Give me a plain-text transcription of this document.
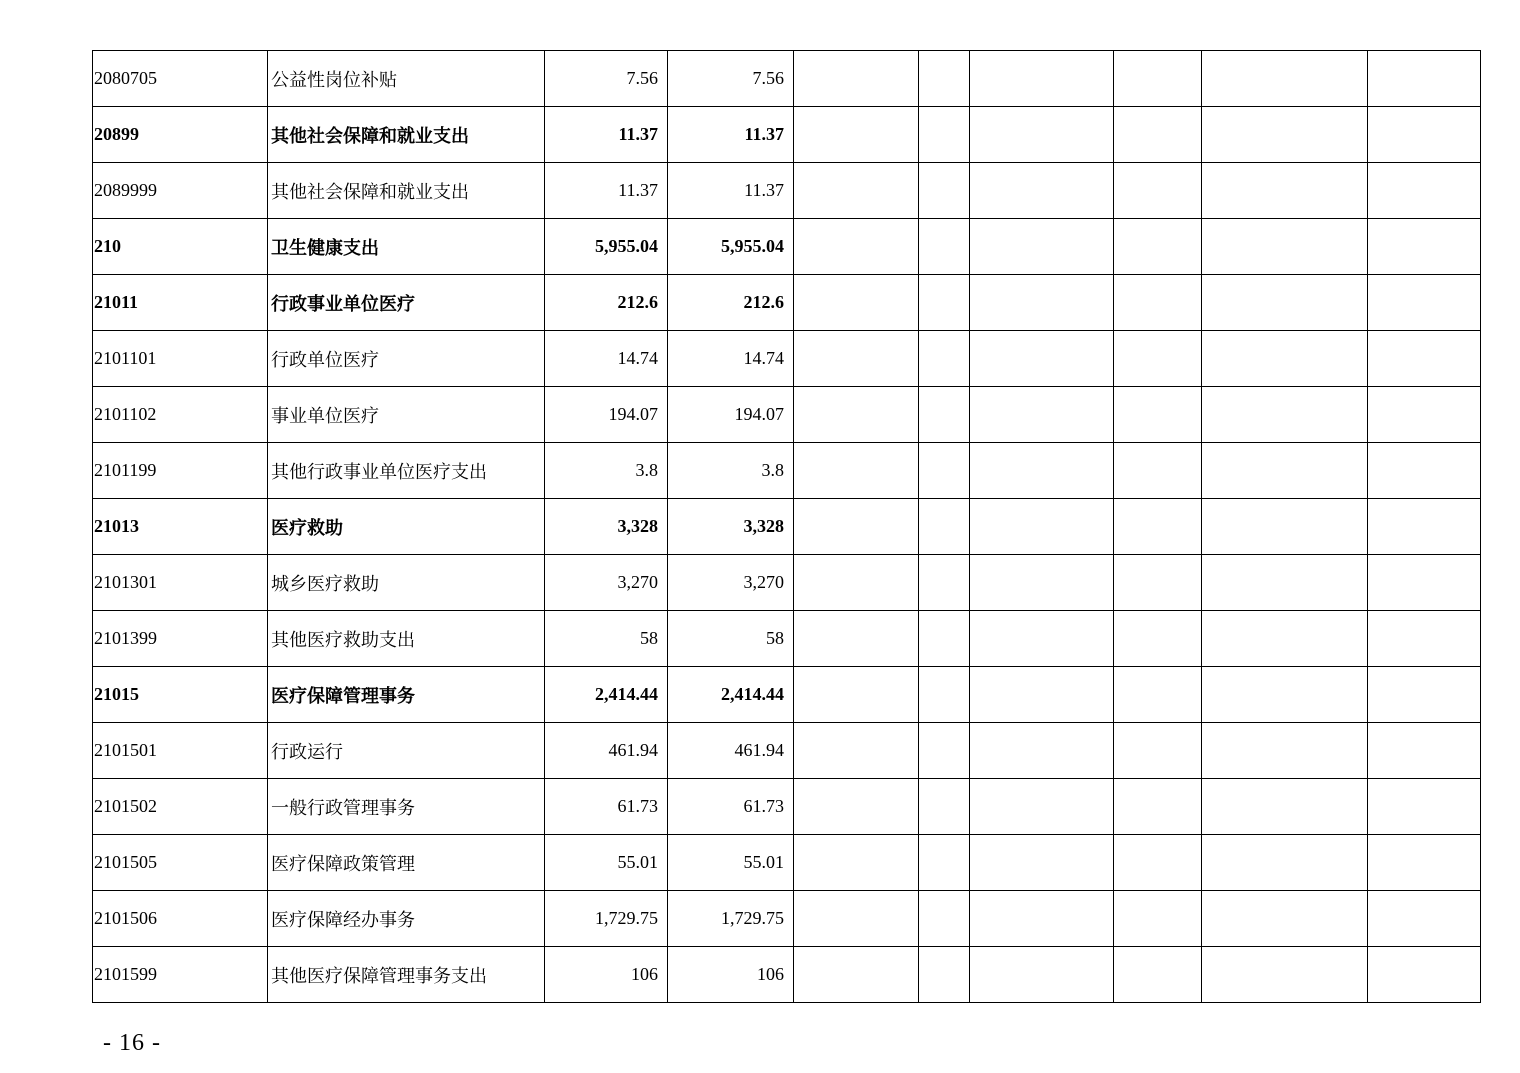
2080705	公益性岗位补贴	7.56	7.56						
20899	其他社会保障和就业支出	11.37	11.37						
2089999	其他社会保障和就业支出	11.37	11.37						
210	卫生健康支出	5,955.04	5,955.04						
21011	行政事业单位医疗	212.6	212.6						
2101101	行政单位医疗	14.74	14.74						
2101102	事业单位医疗	194.07	194.07						
2101199	其他行政事业单位医疗支出	3.8	3.8						
21013	医疗救助	3,328	3,328						
2101301	城乡医疗救助	3,270	3,270						
2101399	其他医疗救助支出	58	58						
21015	医疗保障管理事务	2,414.44	2,414.44						
2101501	行政运行	461.94	461.94						
2101502	一般行政管理事务	61.73	61.73						
2101505	医疗保障政策管理	55.01	55.01						
2101506	医疗保障经办事务	1,729.75	1,729.75						
2101599	其他医疗保障管理事务支出	106	106						
- 16 -
